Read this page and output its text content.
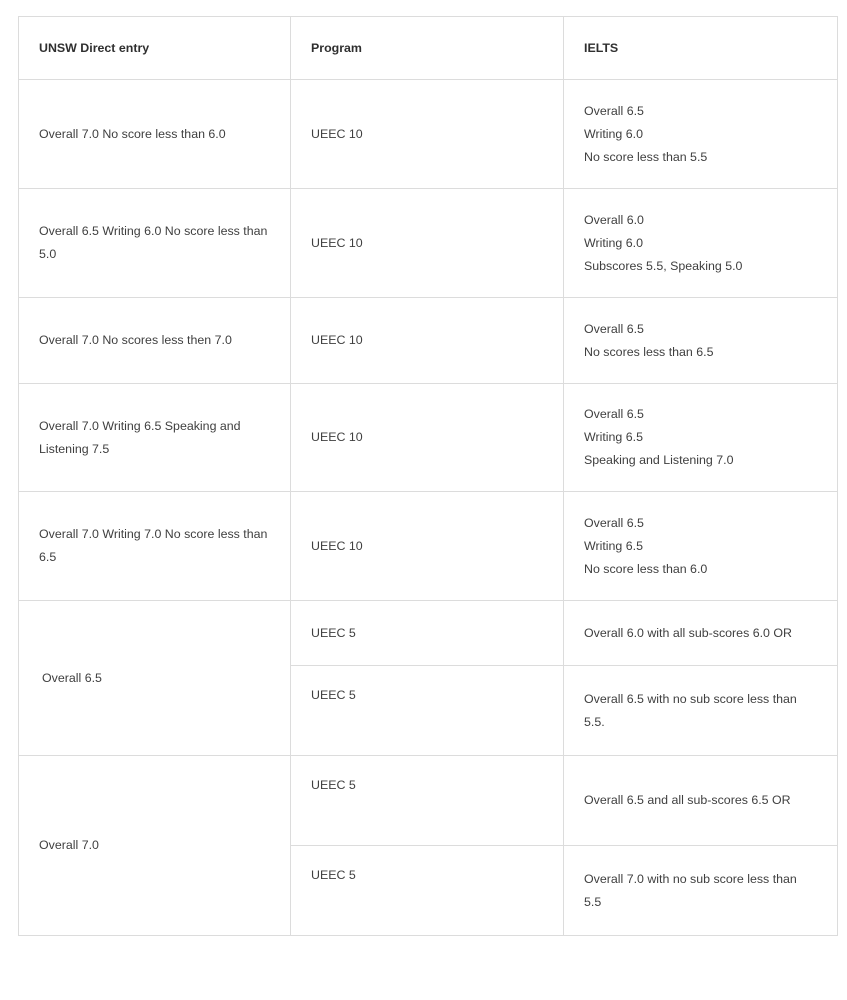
UNSW Direct entry	Program	IELTS
Overall 7.0 No score less than 6.0	UEEC 10	Overall 6.5
Writing 6.0
No score less than 5.5

Overall 6.5 Writing 6.0 No score less than 5.0	UEEC 10	Overall 6.0
Writing 6.0
Subscores 5.5, Speaking 5.0

Overall 7.0 No scores less then 7.0	UEEC 10	Overall 6.5
No scores less than 6.5

Overall 7.0 Writing 6.5 Speaking and Listening 7.5	UEEC 10	Overall 6.5
Writing 6.5
Speaking and Listening 7.0

Overall 7.0 Writing 7.0 No score less than 6.5	UEEC 10	Overall 6.5
Writing 6.5
No score less than 6.0

Overall 6.5	UEEC 5	Overall 6.0 with all sub-scores 6.0 OR
	UEEC 5	Overall 6.5 with no sub score less than 5.5.
Overall 7.0	UEEC 5	Overall 6.5 and all sub-scores 6.5 OR
	UEEC 5	Overall 7.0 with no sub score less than 5.5
